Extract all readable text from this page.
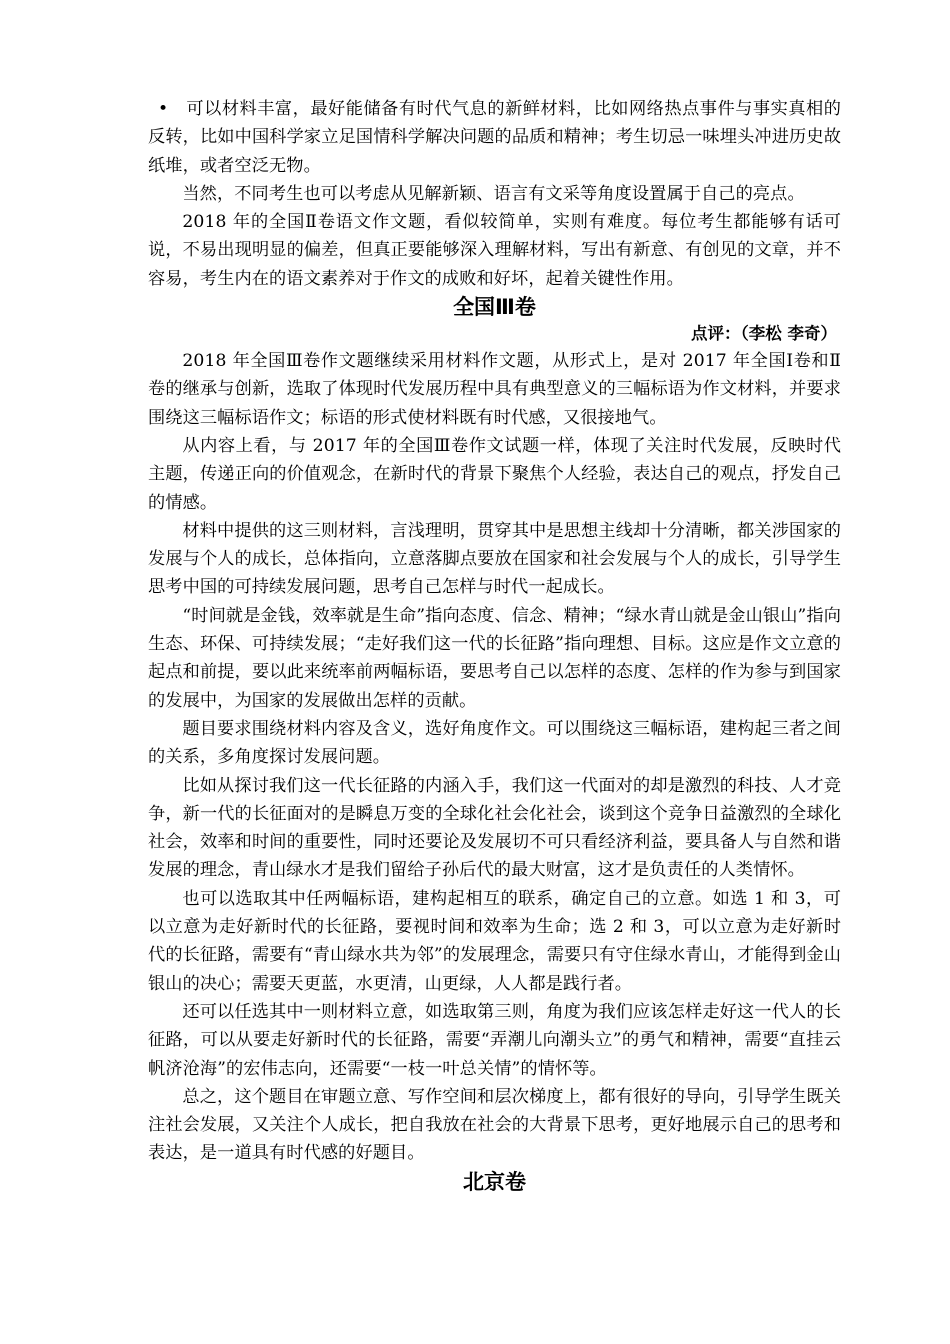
• 可以材料丰富，最好能储备有时代气息的新鲜材料，比如网络热点事件与事实真相的反转，比如中国科学家立足国情科学解决问题的品质和精神；考生切忌一味埋头冲进历史故纸堆，或者空泛无物。

当然，不同考生也可以考虑从见解新颖、语言有文采等角度设置属于自己的亮点。

2018 年的全国Ⅱ卷语文作文题，看似较简单，实则有难度。每位考生都能够有话可说，不易出现明显的偏差，但真正要能够深入理解材料，写出有新意、有创见的文章，并不容易，考生内在的语文素养对于作文的成败和好坏，起着关键性作用。

全国Ⅲ卷
点评：（李松 李奇）

2018 年全国Ⅲ卷作文题继续采用材料作文题，从形式上，是对 2017 年全国Ⅰ卷和Ⅱ卷的继承与创新，选取了体现时代发展历程中具有典型意义的三幅标语为作文材料，并要求围绕这三幅标语作文；标语的形式使材料既有时代感，又很接地气。

从内容上看，与 2017 年的全国Ⅲ卷作文试题一样，体现了关注时代发展，反映时代主题，传递正向的价值观念，在新时代的背景下聚焦个人经验，表达自己的观点，抒发自己的情感。

材料中提供的这三则材料，言浅理明，贯穿其中是思想主线却十分清晰，都关涉国家的发展与个人的成长，总体指向，立意落脚点要放在国家和社会发展与个人的成长，引导学生思考中国的可持续发展问题，思考自己怎样与时代一起成长。

“时间就是金钱，效率就是生命”指向态度、信念、精神；“绿水青山就是金山银山”指向生态、环保、可持续发展；“走好我们这一代的长征路”指向理想、目标。这应是作文立意的起点和前提，要以此来统率前两幅标语，要思考自己以怎样的态度、怎样的作为参与到国家的发展中，为国家的发展做出怎样的贡献。

题目要求围绕材料内容及含义，选好角度作文。可以围绕这三幅标语，建构起三者之间的关系，多角度探讨发展问题。

比如从探讨我们这一代长征路的内涵入手，我们这一代面对的却是激烈的科技、人才竞争，新一代的长征面对的是瞬息万变的全球化社会化社会，谈到这个竞争日益激烈的全球化社会，效率和时间的重要性，同时还要论及发展切不可只看经济利益，要具备人与自然和谐发展的理念，青山绿水才是我们留给子孙后代的最大财富，这才是负责任的人类情怀。

也可以选取其中任两幅标语，建构起相互的联系，确定自己的立意。如选 1 和 3，可以立意为走好新时代的长征路，要视时间和效率为生命；选 2 和 3，可以立意为走好新时代的长征路，需要有“青山绿水共为邻”的发展理念，需要只有守住绿水青山，才能得到金山银山的决心；需要天更蓝，水更清，山更绿，人人都是践行者。

还可以任选其中一则材料立意，如选取第三则，角度为我们应该怎样走好这一代人的长征路，可以从要走好新时代的长征路，需要“弄潮儿向潮头立”的勇气和精神，需要“直挂云帆济沧海”的宏伟志向，还需要“一枝一叶总关情”的情怀等。

总之，这个题目在审题立意、写作空间和层次梯度上，都有很好的导向，引导学生既关注社会发展，又关注个人成长，把自我放在社会的大背景下思考，更好地展示自己的思考和表达，是一道具有时代感的好题目。

北京卷
